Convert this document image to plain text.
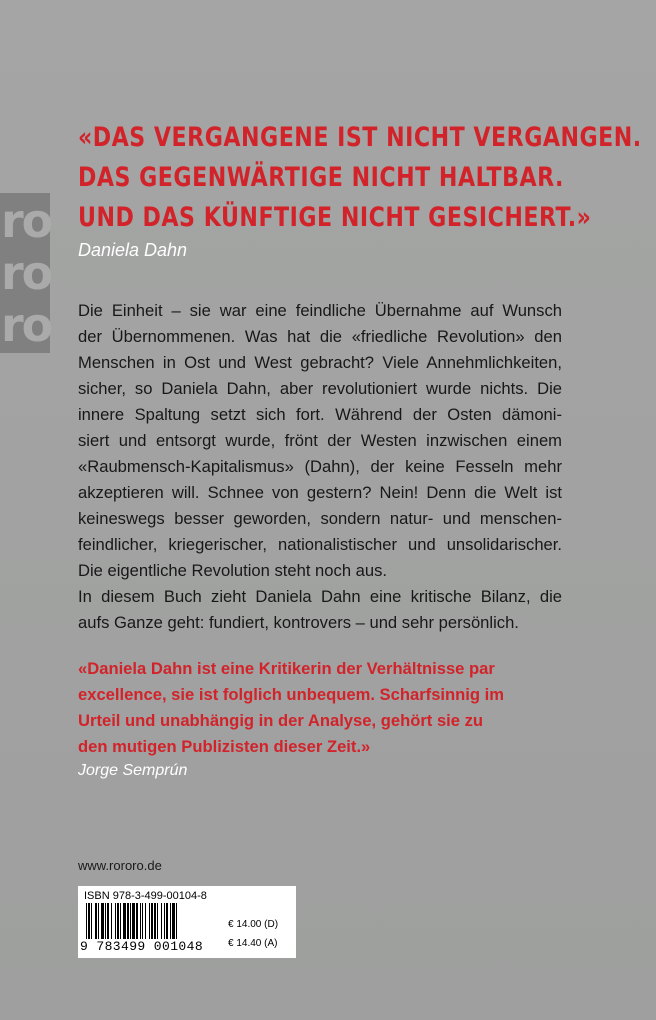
ro
ro
ro
«DAS VERGANGENE IST NICHT VERGANGEN.
DAS GEGENWÄRTIGE NICHT HALTBAR.
UND DAS KÜNFTIGE NICHT GESICHERT.»
Daniela Dahn
Die Einheit – sie war eine feindliche Übernahme auf Wunsch
der Übernommenen. Was hat die «friedliche Revolution» den
Menschen in Ost und West gebracht? Viele Annehmlichkeiten,
sicher, so Daniela Dahn, aber revolutioniert wurde nichts. Die
innere Spaltung setzt sich fort. Während der Osten dämoni-
siert und entsorgt wurde, frönt der Westen inzwischen einem
«Raubmensch-Kapitalismus» (Dahn), der keine Fesseln mehr
akzeptieren will. Schnee von gestern? Nein! Denn die Welt ist
keineswegs besser geworden, sondern natur- und menschen-
feindlicher, kriegerischer, nationalistischer und unsolidarischer.
Die eigentliche Revolution steht noch aus.
In diesem Buch zieht Daniela Dahn eine kritische Bilanz, die
aufs Ganze geht: fundiert, kontrovers – und sehr persönlich.
«Daniela Dahn ist eine Kritikerin der Verhältnisse par
excellence, sie ist folglich unbequem. Scharfsinnig im
Urteil und unabhängig in der Analyse, gehört sie zu
den mutigen Publizisten dieser Zeit.»
Jorge Semprún
www.rororo.de
ISBN 978-3-499-00104-8
9 783499 001048
€ 14.00 (D)
€ 14.40 (A)
